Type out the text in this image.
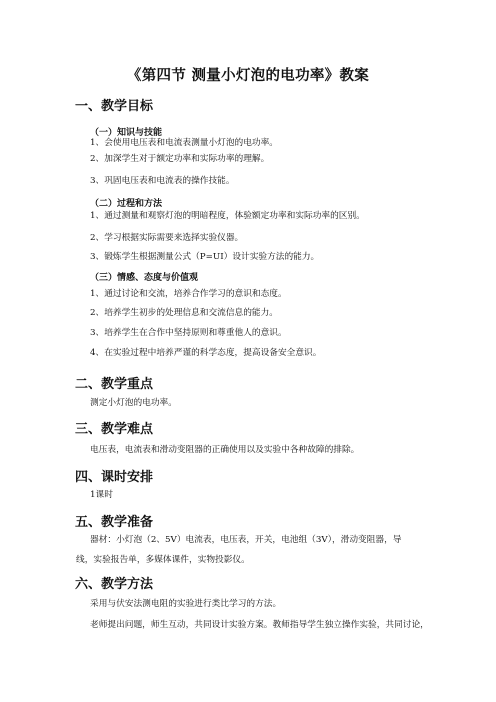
《第四节 测量小灯泡的电功率》教案
一、教学目标
（一）知识与技能
1、会使用电压表和电流表测量小灯泡的电功率。
2、加深学生对于额定功率和实际功率的理解。
3、巩固电压表和电流表的操作技能。
（二）过程和方法
1、通过测量和观察灯泡的明暗程度，体验额定功率和实际功率的区别。
2、学习根据实际需要来选择实验仪器。
3、锻炼学生根据测量公式（P=UI）设计实验方法的能力。
（三）情感、态度与价值观
1、通过讨论和交流，培养合作学习的意识和态度。
2、培养学生初步的处理信息和交流信息的能力。
3、培养学生在合作中坚持原则和尊重他人的意识。
4、在实验过程中培养严谨的科学态度，提高设备安全意识。
二、教学重点
测定小灯泡的电功率。
三、教学难点
电压表，电流表和滑动变阻器的正确使用以及实验中各种故障的排除。
四、课时安排
1课时
五、教学准备
器材：小灯泡（2、5V）电流表，电压表，开关，电池组（3V），滑动变阻器，导线，实验报告单，多媒体课件，实物投影仪。
六、教学方法
采用与伏安法测电阻的实验进行类比学习的方法。
老师提出问题，师生互动，共同设计实验方案。教师指导学生独立操作实验，共同讨论，
